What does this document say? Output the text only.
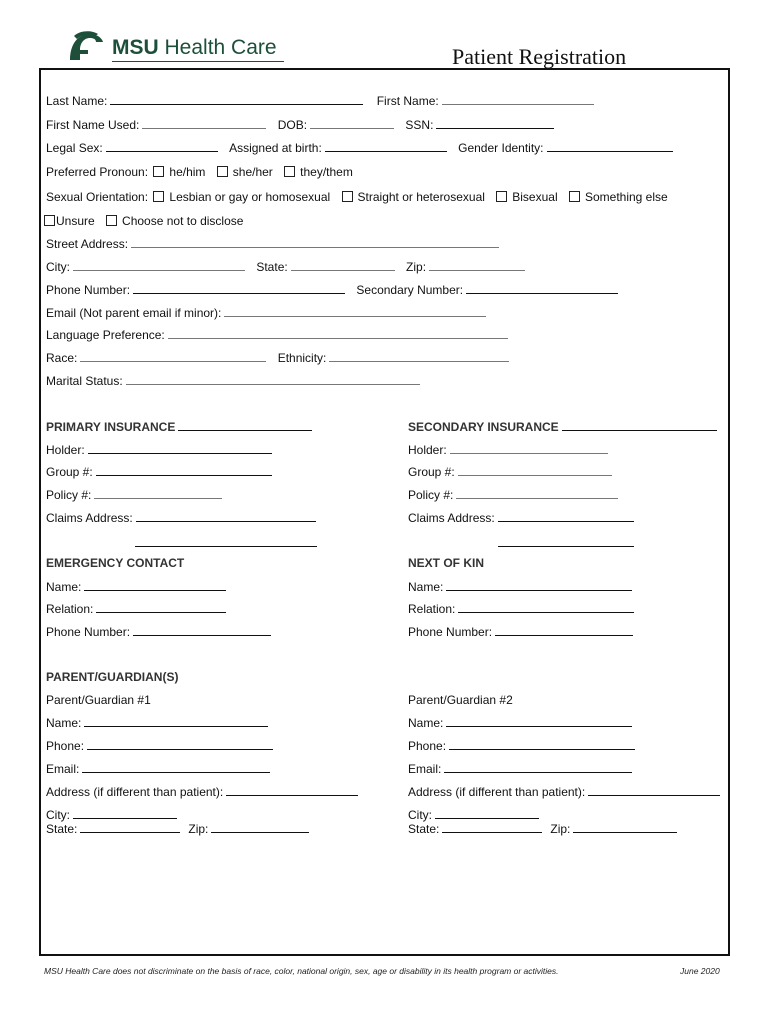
MSU Health Care	Patient Registration
Last Name:	First Name:
First Name Used:	DOB:	SSN:
Legal Sex:	Assigned at birth:	Gender Identity:
Preferred Pronoun: he/him she/her they/them
Sexual Orientation: Lesbian or gay or homosexual Straight or heterosexual Bisexual Something else
Unsure Choose not to disclose
Street Address:
City:	State:	Zip:
Phone Number:	Secondary Number:
Email (Not parent email if minor):
Language Preference:
Race:	Ethnicity:
Marital Status:
PRIMARY INSURANCE
Holder:
Group #:
Policy #:
Claims Address:
SECONDARY INSURANCE
Holder:
Group #:
Policy #:
Claims Address:
EMERGENCY CONTACT
Name:
Relation:
Phone Number:
NEXT OF KIN
Name:
Relation:
Phone Number:
PARENT/GUARDIAN(S)
Parent/Guardian #1
Name:
Phone:
Email:
Address (if different than patient):
City:
State:	Zip:
Parent/Guardian #2
Name:
Phone:
Email:
Address (if different than patient):
City:
State:	Zip:
MSU Health Care does not discriminate on the basis of race, color, national origin, sex, age or disability in its health program or activities.	June 2020
